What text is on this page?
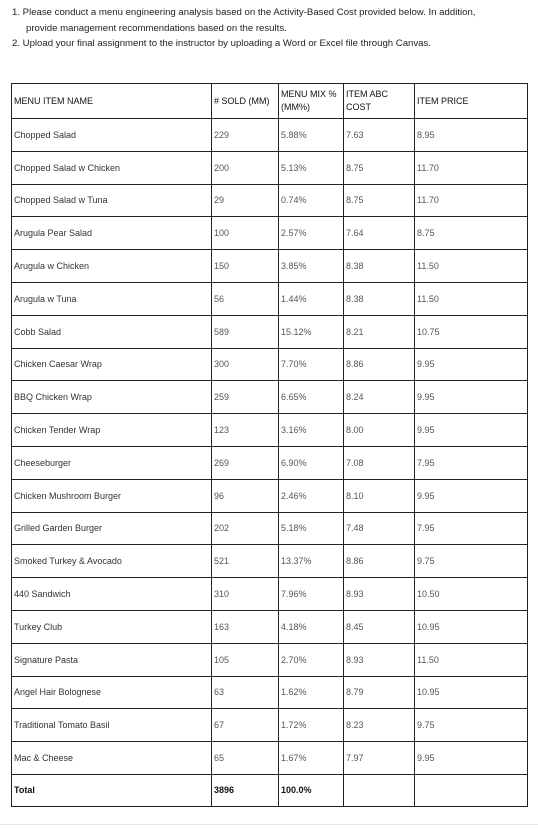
1. Please conduct a menu engineering analysis based on the Activity-Based Cost provided below. In addition,

provide management recommendations based on the results.

2. Upload your final assignment to the instructor by uploading a Word or Excel file through Canvas.

MENU ITEM NAME	# SOLD (MM)	MENU MIX % (MM%)	ITEM ABC COST	ITEM PRICE
Chopped Salad	229	5.88%	7.63	8.95
Chopped Salad w Chicken	200	5.13%	8.75	11.70
Chopped Salad w Tuna	29	0.74%	8.75	11.70
Arugula Pear Salad	100	2.57%	7.64	8.75
Arugula w Chicken	150	3.85%	8.38	11.50
Arugula w Tuna	56	1.44%	8.38	11.50
Cobb Salad	589	15.12%	8.21	10.75
Chicken Caesar Wrap	300	7.70%	8.86	9.95
BBQ Chicken Wrap	259	6.65%	8.24	9.95
Chicken Tender Wrap	123	3.16%	8.00	9.95
Cheeseburger	269	6.90%	7.08	7.95
Chicken Mushroom Burger	96	2.46%	8.10	9.95
Grilled Garden Burger	202	5.18%	7.48	7.95
Smoked Turkey & Avocado	521	13.37%	8.86	9.75
440 Sandwich	310	7.96%	8.93	10.50
Turkey Club	163	4.18%	8.45	10.95
Signature Pasta	105	2.70%	8.93	11.50
Angel Hair Bolognese	63	1.62%	8.79	10.95
Traditional Tomato Basil	67	1.72%	8.23	9.75
Mac & Cheese	65	1.67%	7.97	9.95
Total	3896	100.0%		
